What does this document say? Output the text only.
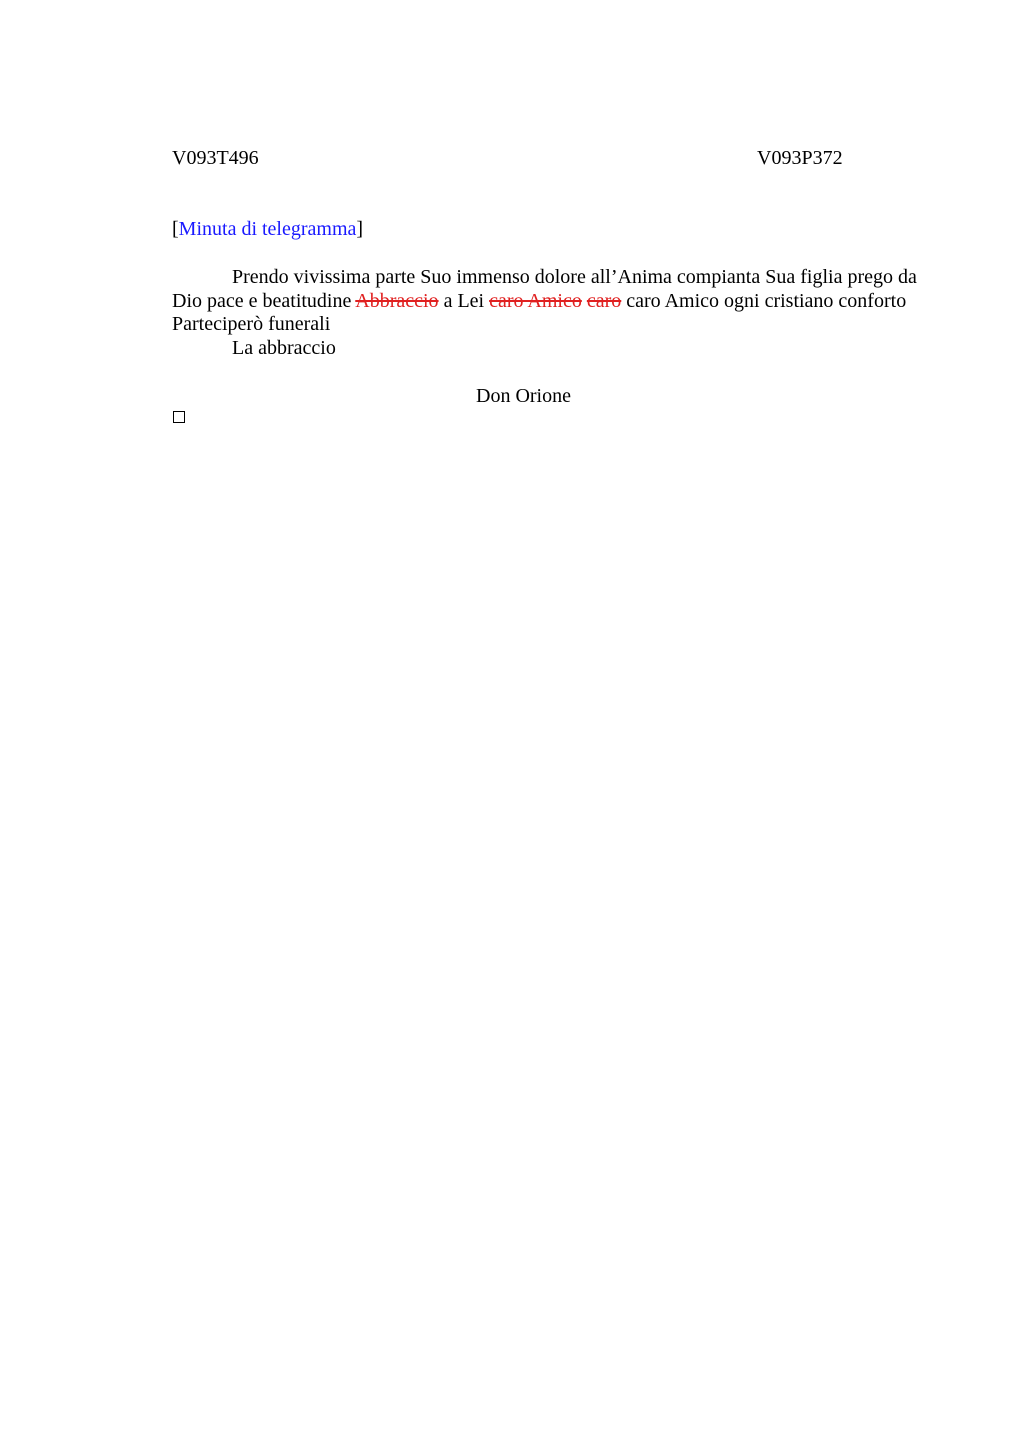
V093T496	V093P372
[Minuta di telegramma]

Prendo vivissima parte Suo immenso dolore all’Anima compianta Sua figlia prego da Dio pace e beatitudine Abbraccio a Lei caro Amico caro caro Amico ogni cristiano conforto Parteciperò funerali

La abbraccio

Don Orione
